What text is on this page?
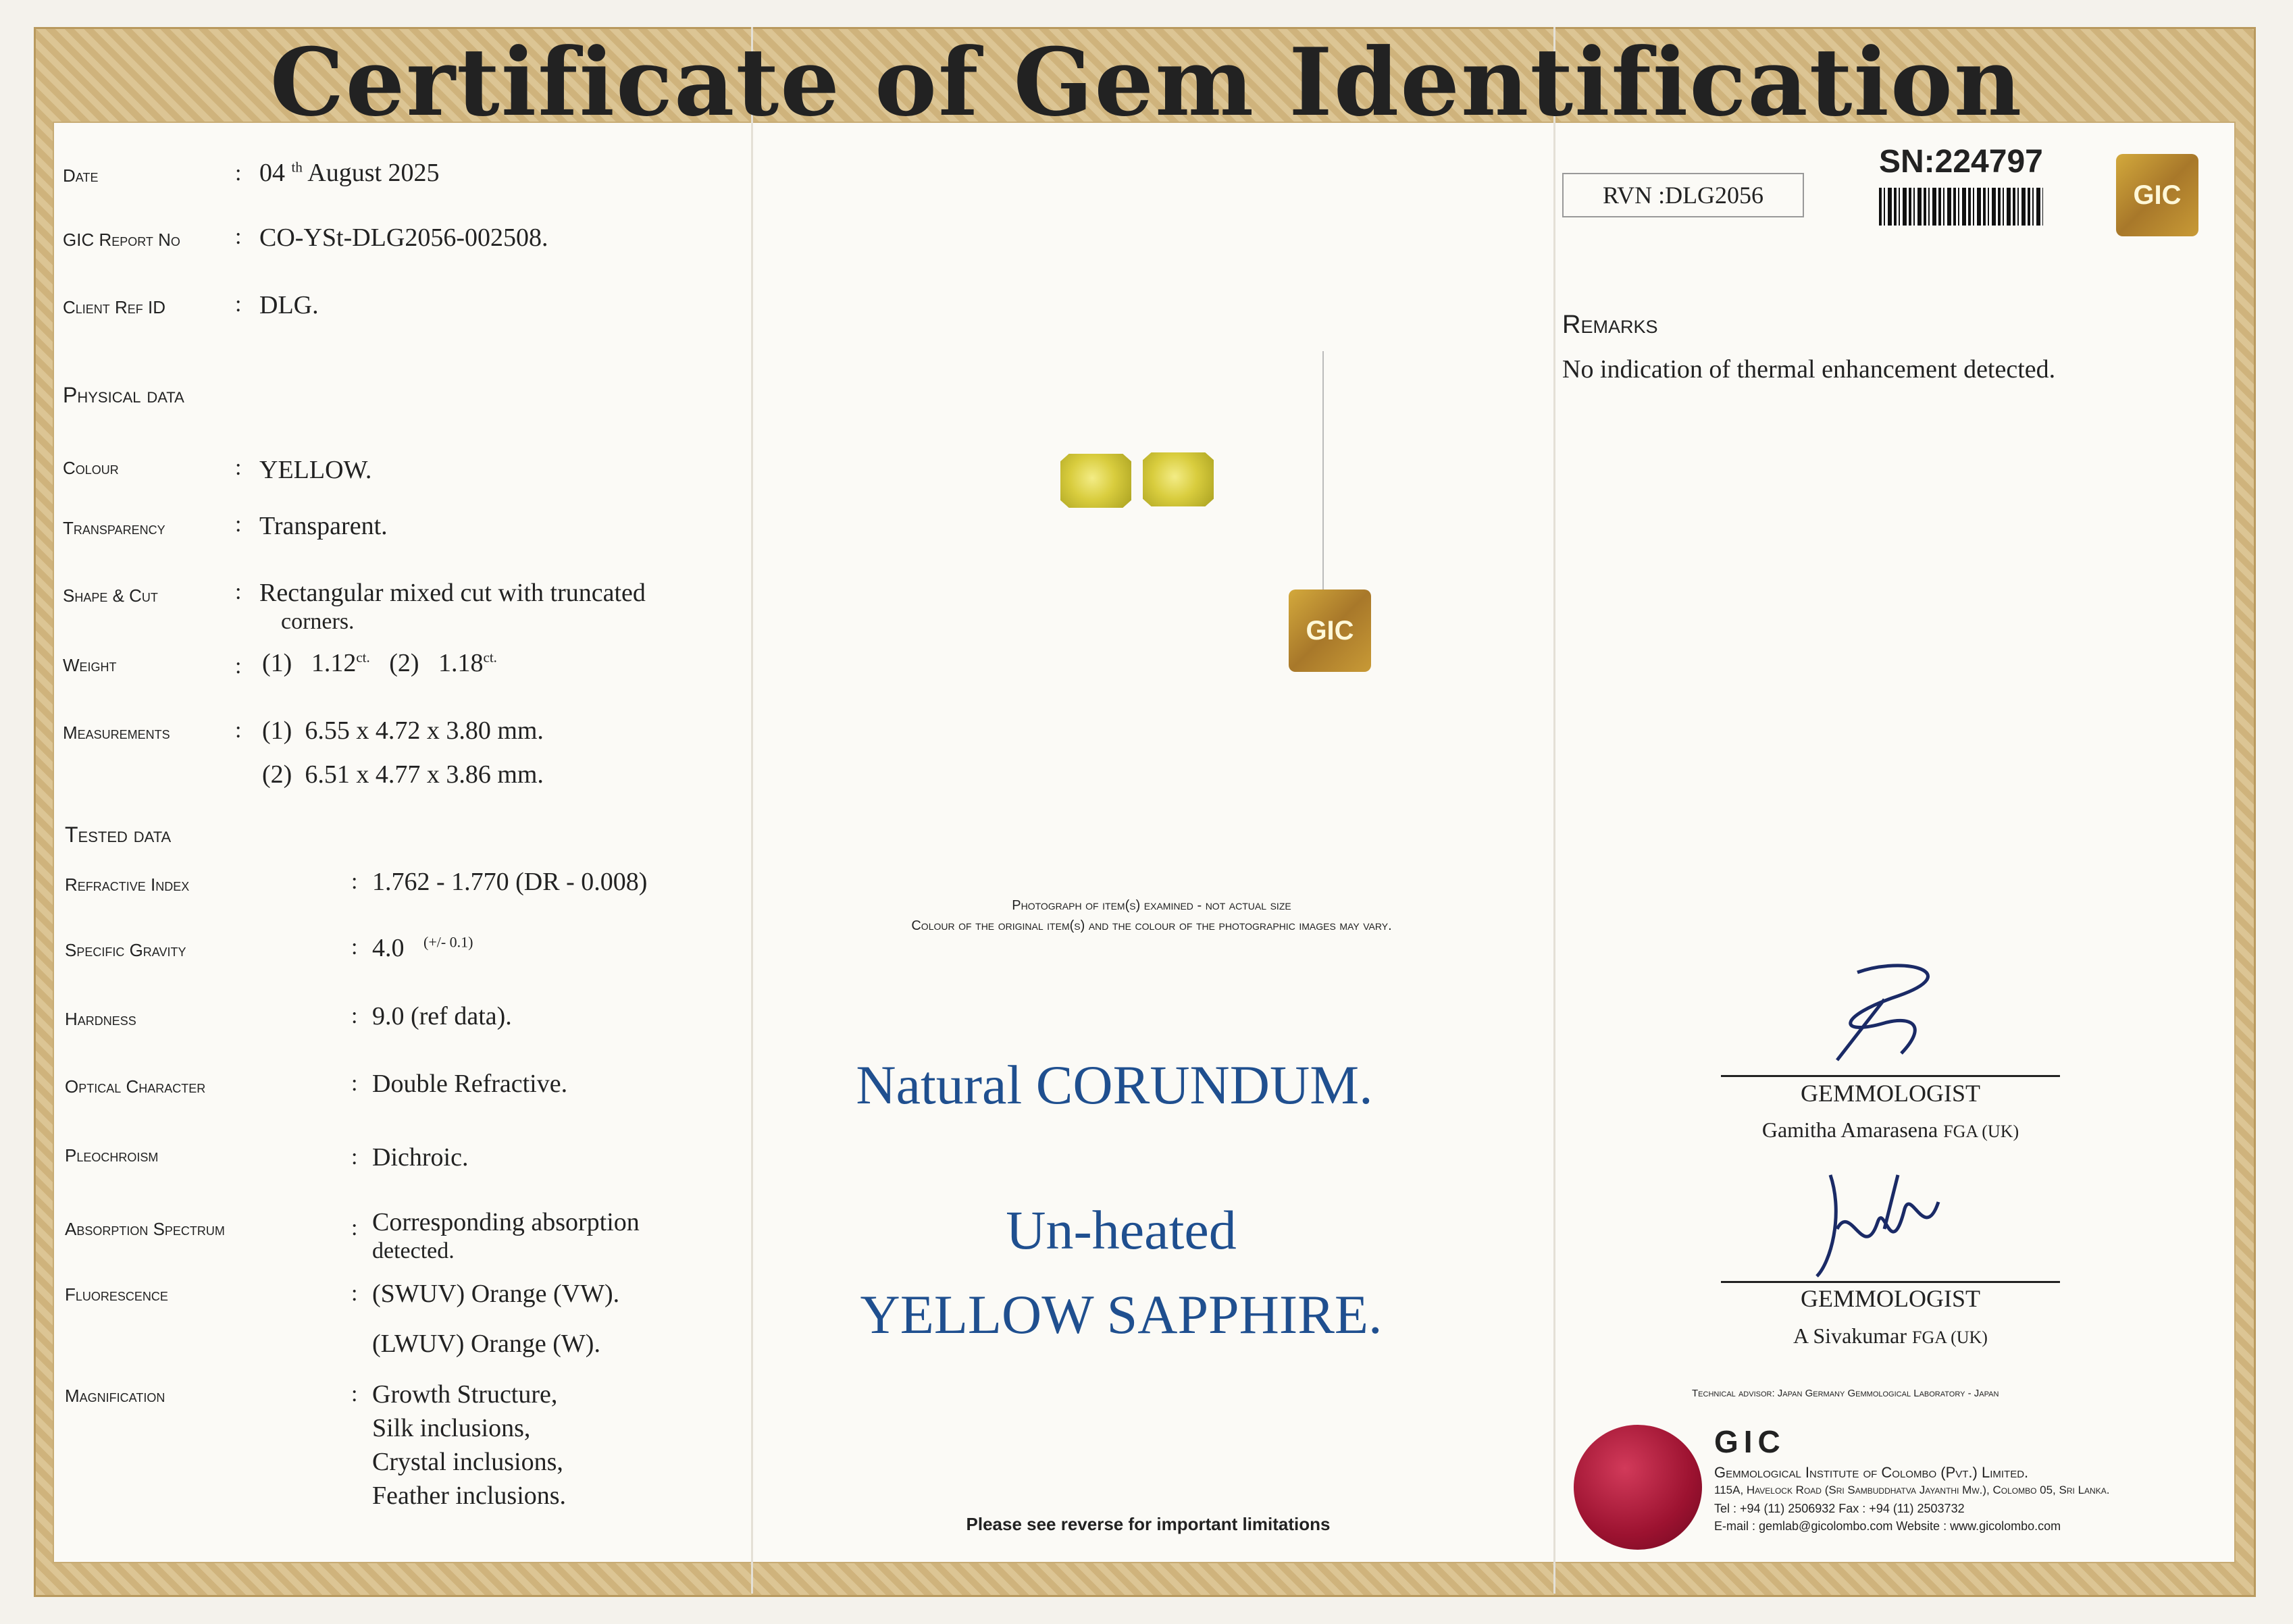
Certificate of Gem Identification
Date	: 04 $^{th}$ August 2025
GIC Report No : CO-YSt-DLG2056-002508.
Client Ref ID	: DLG.
Physical data
Colour	: YELLOW.
Transparency	: Transparent.
Shape & Cut	: Rectangular mixed cut with truncated
corners.
Weight	: (1) $1.12^{ct.}$ (2) $1.18^{ct.}$
Measurements	: (1) 6.55 x 4.72 x 3.80 mm.
(2) 6.51 x 4.77 x 3.86 mm.
Tested data
Refractive Index	: 1.762 - 1.770 (DR - 0.008)
Specific Gravity	: 4.0 $^{(+/- 0.1)}$
Hardness	: 9.0 (ref data).
Optical Character	: Double Refractive.
Pleochroism	: Dichroic.
Absorption Spectrum	: Corresponding absorption
detected.
Fluorescence	: (SWUV) Orange (VW).
(LWUV) Orange (W).
Magnification	: Growth Structure,
Silk inclusions,
Crystal inclusions,
Feather inclusions.
GIC
Photograph of item(s) examined - not actual size
Colour of the original item(s) and the colour of the photographic images may vary.
Natural CORUNDUM.
Un-heated
YELLOW SAPPHIRE.
Please see reverse for important limitations
RVN :DLG2056
SN:224797
GIC
Remarks
No indication of thermal enhancement detected.
GEMMOLOGIST
Gamitha Amarasena FGA (UK)
GEMMOLOGIST
A Sivakumar FGA (UK)
Technical advisor: Japan Germany Gemmological Laboratory - Japan
GIC
Gemmological Institute of Colombo (Pvt.) Limited.
115A, Havelock Road (Sri Sambuddhatva Jayanthi Mw.), Colombo 05, Sri Lanka.
Tel : +94 (11) 2506932 Fax : +94 (11) 2503732
E-mail : gemlab@gicolombo.com Website : www.gicolombo.com
